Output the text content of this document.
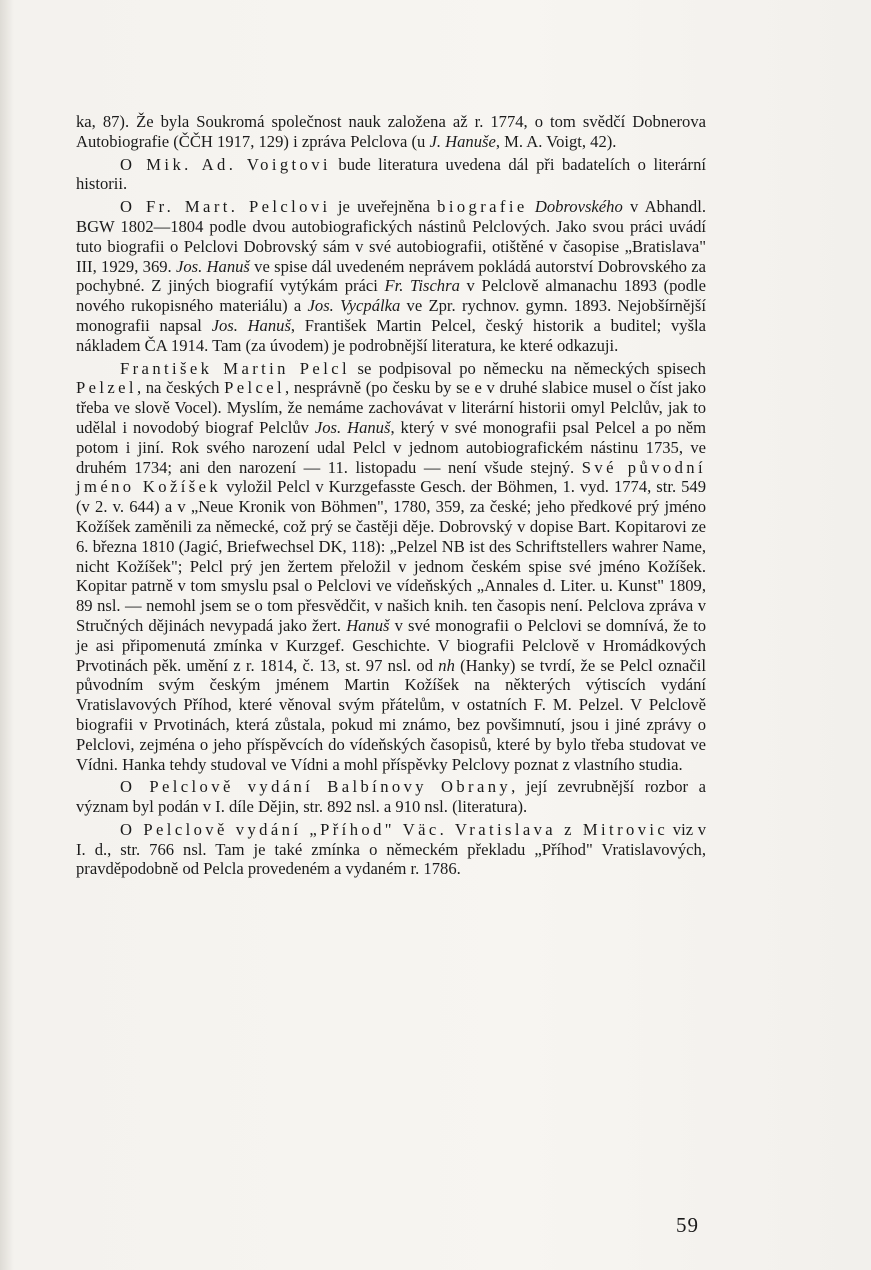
ka, 87). Že byla Soukromá společnost nauk založena až r. 1774, o tom svědčí Dobnerova Autobiografie (ČČH 1917, 129) i zpráva Pelclova (u J. Hanuše, M. A. Voigt, 42).

O Mik. Ad. Voigtovi bude literatura uvedena dál při badatelích o literární historii.

O Fr. Mart. Pelclovi je uveřejněna biografie Dobrovského v Abhandl. BGW 1802—1804 podle dvou autobiografických nástinů Pelclových. Jako svou práci uvádí tuto biografii o Pelclovi Dobrovský sám v své autobiografii, otištěné v časopise „Bratislava" III, 1929, 369. Jos. Hanuš ve spise dál uvedeném neprávem pokládá autorství Dobrovského za pochybné. Z jiných biografií vytýkám práci Fr. Tischra v Pelclově almanachu 1893 (podle nového rukopisného materiálu) a Jos. Vycpálka ve Zpr. rychnov. gymn. 1893. Nejobšírnější monografii napsal Jos. Hanuš, František Martin Pelcel, český historik a buditel; vyšla nákladem ČA 1914. Tam (za úvodem) je podrobnější literatura, ke které odkazuji.

František Martin Pelcl se podpisoval po německu na německých spisech Pelzel, na českých Pelcel, nesprávně (po česku by se e v druhé slabice musel o číst jako třeba ve slově Vocel). Myslím, že nemáme zachovávat v literární historii omyl Pelclův, jak to udělal i novodobý biograf Pelclův Jos. Hanuš, který v své monografii psal Pelcel a po něm potom i jiní. Rok svého narození udal Pelcl v jednom autobiografickém nástinu 1735, ve druhém 1734; ani den narození — 11. listopadu — není všude stejný. Své původní jméno Kožíšek vyložil Pelcl v Kurzgefasste Gesch. der Böhmen, 1. vyd. 1774, str. 549 (v 2. v. 644) a v „Neue Kronik von Böhmen", 1780, 359, za české; jeho předkové prý jméno Kožíšek zaměnili za německé, což prý se častěji děje. Dobrovský v dopise Bart. Kopitarovi ze 6. března 1810 (Jagić, Briefwechsel DK, 118): „Pelzel NB ist des Schriftstellers wahrer Name, nicht Kožíšek"; Pelcl prý jen žertem přeložil v jednom českém spise své jméno Kožíšek. Kopitar patrně v tom smyslu psal o Pelclovi ve vídeňských „Annales d. Liter. u. Kunst" 1809, 89 nsl. — nemohl jsem se o tom přesvědčit, v našich knih. ten časopis není. Pelclova zpráva v Stručných dějinách nevypadá jako žert. Hanuš v své monografii o Pelclovi se domnívá, že to je asi připomenutá zmínka v Kurzgef. Geschichte. V biografii Pelclově v Hromádkových Prvotinách pěk. umění z r. 1814, č. 13, st. 97 nsl. od nh (Hanky) se tvrdí, že se Pelcl označil původním svým českým jménem Martin Kožíšek na některých výtiscích vydání Vratislavových Příhod, které věnoval svým přátelům, v ostatních F. M. Pelzel. V Pelclově biografii v Prvotinách, která zůstala, pokud mi známo, bez povšimnutí, jsou i jiné zprávy o Pelclovi, zejména o jeho příspěvcích do vídeňských časopisů, které by bylo třeba studovat ve Vídni. Hanka tehdy studoval ve Vídni a mohl příspěvky Pelclovy poznat z vlastního studia.

O Pelclově vydání Balbínovy Obrany, její zevrubnější rozbor a význam byl podán v I. díle Dějin, str. 892 nsl. a 910 nsl. (literatura).

O Pelclově vydání „Příhod" Väc. Vratislava z Mitrovic viz v I. d., str. 766 nsl. Tam je také zmínka o německém překladu „Příhod" Vratislavových, pravděpodobně od Pelcla provedeném a vydaném r. 1786.

59
